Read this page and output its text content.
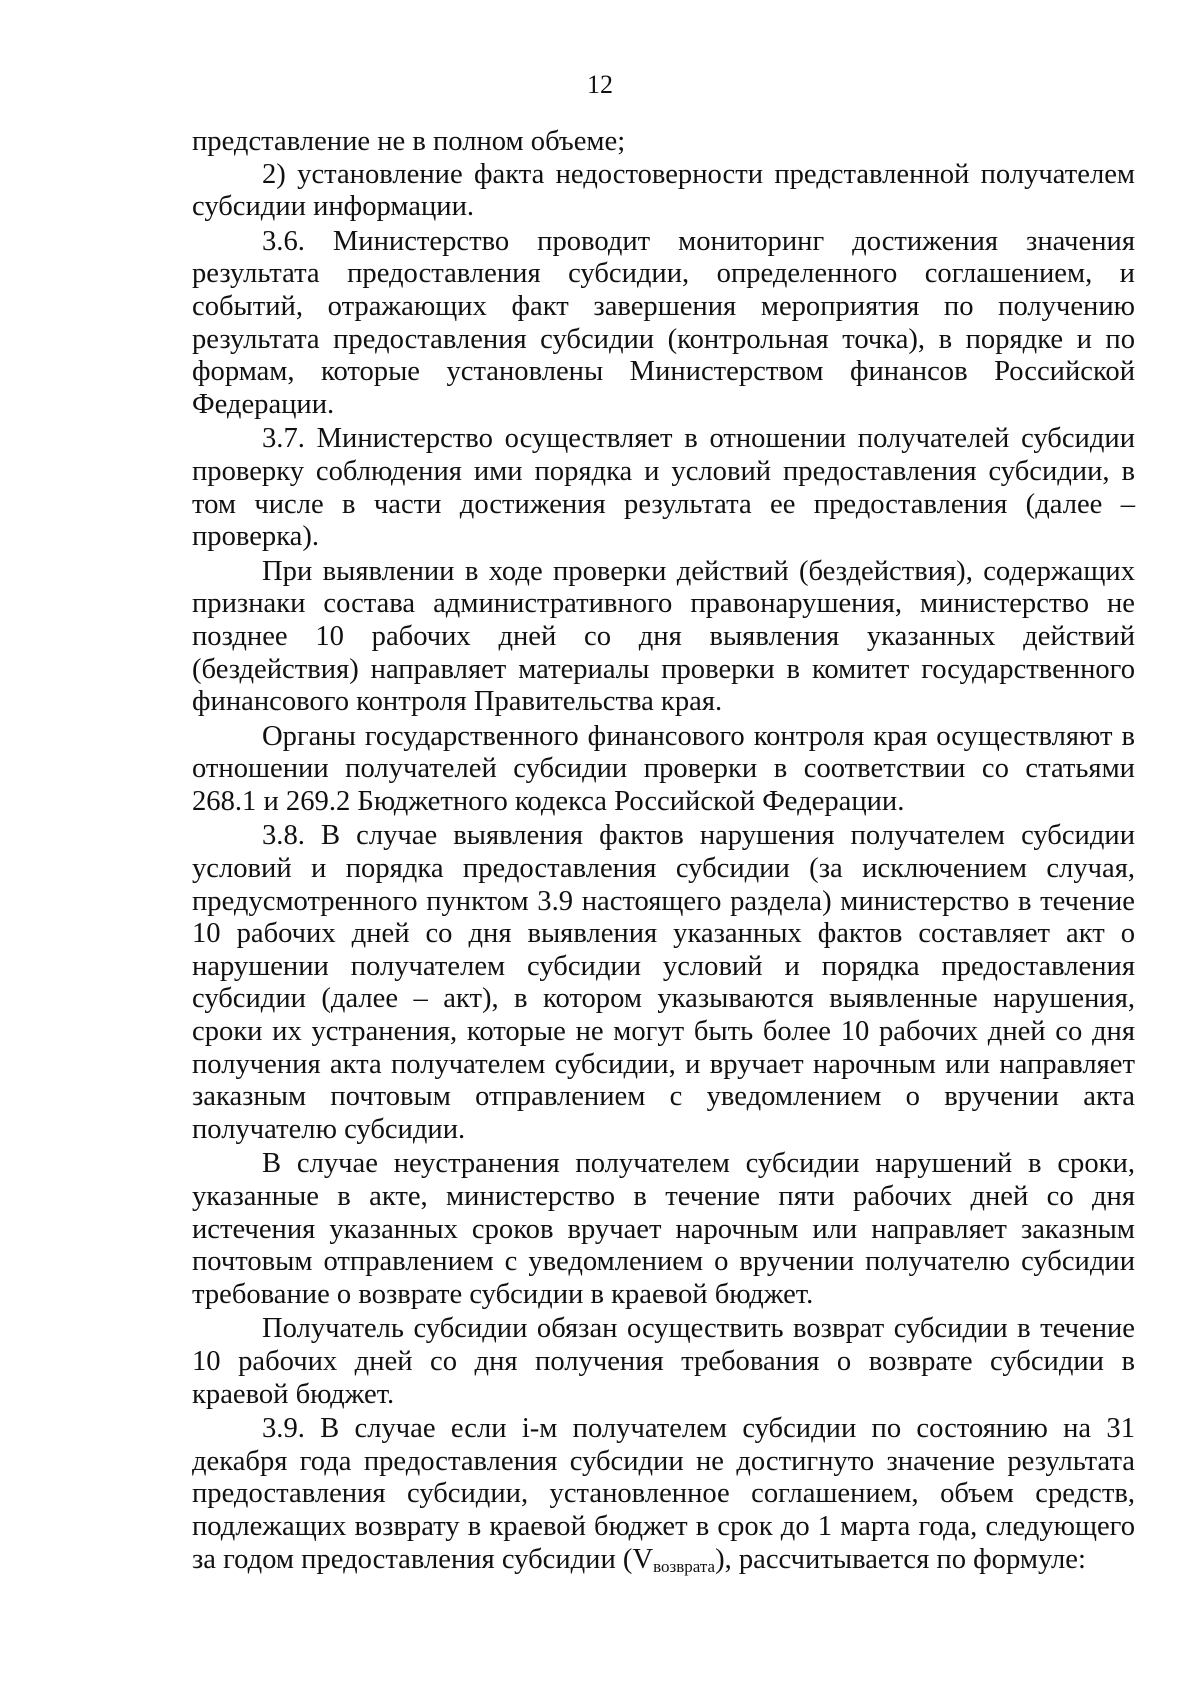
12

представление не в полном объеме;

2) установление факта недостоверности представленной получателем субсидии информации.

3.6. Министерство проводит мониторинг достижения значения результата предоставления субсидии, определенного соглашением, и событий, отражающих факт завершения мероприятия по получению результата предоставления субсидии (контрольная точка), в порядке и по формам, которые установлены Министерством финансов Российской Федерации.

3.7. Министерство осуществляет в отношении получателей субсидии проверку соблюдения ими порядка и условий предоставления субсидии, в том числе в части достижения результата ее предоставления (далее – проверка).

При выявлении в ходе проверки действий (бездействия), содержащих признаки состава административного правонарушения, министерство не позднее 10 рабочих дней со дня выявления указанных действий (бездействия) направляет материалы проверки в комитет государственного финансового контроля Правительства края.

Органы государственного финансового контроля края осуществляют в отношении получателей субсидии проверки в соответствии со статьями 268.1 и 269.2 Бюджетного кодекса Российской Федерации.

3.8. В случае выявления фактов нарушения получателем субсидии условий и порядка предоставления субсидии (за исключением случая, предусмотренного пунктом 3.9 настоящего раздела) министерство в течение 10 рабочих дней со дня выявления указанных фактов составляет акт о нарушении получателем субсидии условий и порядка предоставления субсидии (далее – акт), в котором указываются выявленные нарушения, сроки их устранения, которые не могут быть более 10 рабочих дней со дня получения акта получателем субсидии, и вручает нарочным или направляет заказным почтовым отправлением с уведомлением о вручении акта получателю субсидии.

В случае неустранения получателем субсидии нарушений в сроки, указанные в акте, министерство в течение пяти рабочих дней со дня истечения указанных сроков вручает нарочным или направляет заказным почтовым отправлением с уведомлением о вручении получателю субсидии требование о возврате субсидии в краевой бюджет.

Получатель субсидии обязан осуществить возврат субсидии в течение 10 рабочих дней со дня получения требования о возврате субсидии в краевой бюджет.

3.9. В случае если i-м получателем субсидии по состоянию на 31 декабря года предоставления субсидии не достигнуто значение результата предоставления субсидии, установленное соглашением, объем средств, подлежащих возврату в краевой бюджет в срок до 1 марта года, следующего за годом предоставления субсидии $(V_{возврата})$, рассчитывается по формуле:
